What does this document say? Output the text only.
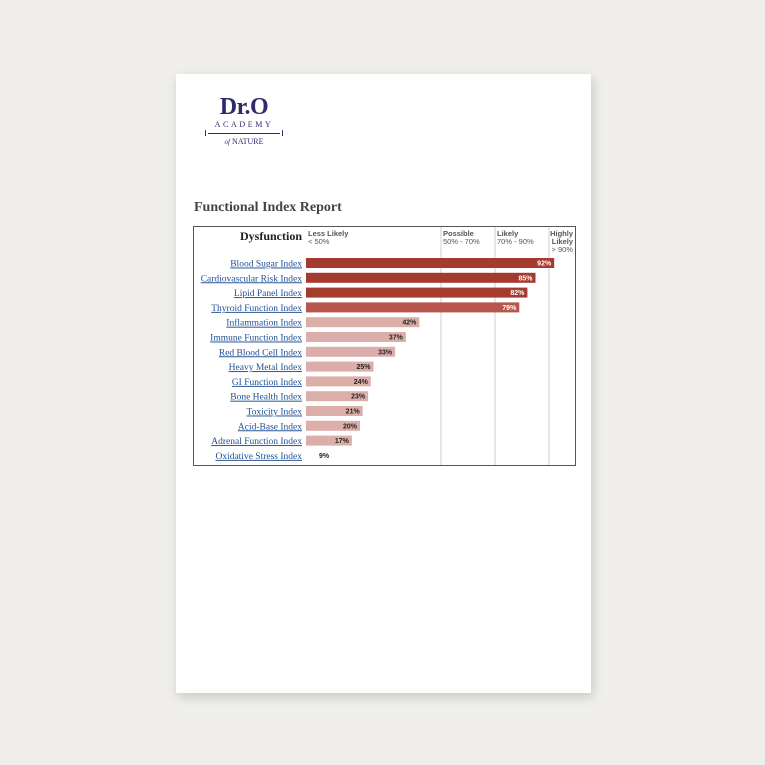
Dr.O
ACADEMY
of NATURE
Functional Index Report
Dysfunction Less Likely
< 50%
Possible
50% - 70%
Likely
70% - 90%
Highly
Likely
> 90%
Blood Sugar Index	92%
Cardiovascular Risk Index	85%
Lipid Panel Index	82%
Thyroid Function Index	79%
Inflammation Index	42%
Immune Function Index	37%
Red Blood Cell Index	33%
Heavy Metal Index	25%
GI Function Index	24%
Bone Health Index	23%
Toxicity Index	21%
Acid-Base Index	20%
Adrenal Function Index	17%
Oxidative Stress Index 9%
